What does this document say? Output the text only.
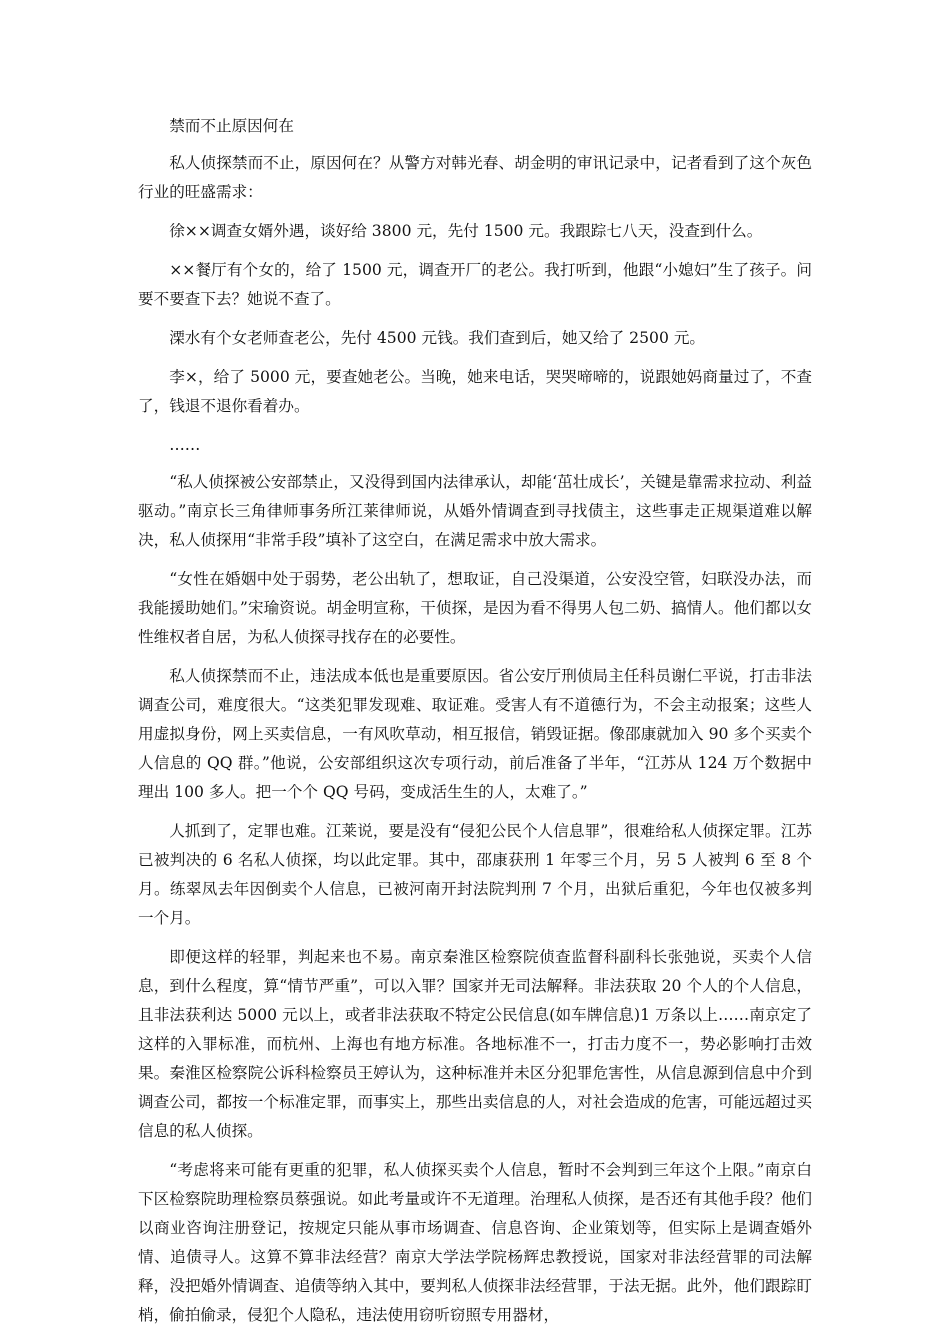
禁而不止原因何在

私人侦探禁而不止，原因何在？从警方对韩光春、胡金明的审讯记录中，记者看到了这个灰色行业的旺盛需求：

徐××调查女婿外遇，谈好给 3800 元，先付 1500 元。我跟踪七八天，没查到什么。

××餐厅有个女的，给了 1500 元，调查开厂的老公。我打听到，他跟“小媳妇”生了孩子。问要不要查下去？她说不查了。

溧水有个女老师查老公，先付 4500 元钱。我们查到后，她又给了 2500 元。

李×，给了 5000 元，要查她老公。当晚，她来电话，哭哭啼啼的，说跟她妈商量过了，不查了，钱退不退你看着办。

……

“私人侦探被公安部禁止，又没得到国内法律承认，却能‘茁壮成长’，关键是靠需求拉动、利益驱动。”南京长三角律师事务所江莱律师说，从婚外情调查到寻找债主，这些事走正规渠道难以解决，私人侦探用“非常手段”填补了这空白，在满足需求中放大需求。

“女性在婚姻中处于弱势，老公出轨了，想取证，自己没渠道，公安没空管，妇联没办法，而我能援助她们。”宋瑜资说。胡金明宣称，干侦探，是因为看不得男人包二奶、搞情人。他们都以女性维权者自居，为私人侦探寻找存在的必要性。

私人侦探禁而不止，违法成本低也是重要原因。省公安厅刑侦局主任科员谢仁平说，打击非法调查公司，难度很大。“这类犯罪发现难、取证难。受害人有不道德行为，不会主动报案；这些人用虚拟身份，网上买卖信息，一有风吹草动，相互报信，销毁证据。像邵康就加入 90 多个买卖个人信息的 QQ 群。”他说，公安部组织这次专项行动，前后准备了半年，“江苏从 124 万个数据中理出 100 多人。把一个个 QQ 号码，变成活生生的人，太难了。”

人抓到了，定罪也难。江莱说，要是没有“侵犯公民个人信息罪”，很难给私人侦探定罪。江苏已被判决的 6 名私人侦探，均以此定罪。其中，邵康获刑 1 年零三个月，另 5 人被判 6 至 8 个月。练翠凤去年因倒卖个人信息，已被河南开封法院判刑 7 个月，出狱后重犯，今年也仅被多判一个月。

即便这样的轻罪，判起来也不易。南京秦淮区检察院侦查监督科副科长张弛说，买卖个人信息，到什么程度，算“情节严重”，可以入罪？国家并无司法解释。非法获取 20 个人的个人信息，且非法获利达 5000 元以上，或者非法获取不特定公民信息(如车牌信息)1 万条以上……南京定了这样的入罪标准，而杭州、上海也有地方标准。各地标准不一，打击力度不一，势必影响打击效果。秦淮区检察院公诉科检察员王婷认为，这种标准并未区分犯罪危害性，从信息源到信息中介到调查公司，都按一个标准定罪，而事实上，那些出卖信息的人，对社会造成的危害，可能远超过买信息的私人侦探。

“考虑将来可能有更重的犯罪，私人侦探买卖个人信息，暂时不会判到三年这个上限。”南京白下区检察院助理检察员蔡强说。如此考量或许不无道理。治理私人侦探，是否还有其他手段？他们以商业咨询注册登记，按规定只能从事市场调查、信息咨询、企业策划等，但实际上是调查婚外情、追债寻人。这算不算非法经营？南京大学法学院杨辉忠教授说，国家对非法经营罪的司法解释，没把婚外情调查、追债等纳入其中，要判私人侦探非法经营罪，于法无据。此外，他们跟踪盯梢，偷拍偷录，侵犯个人隐私，违法使用窃听窃照专用器材，
